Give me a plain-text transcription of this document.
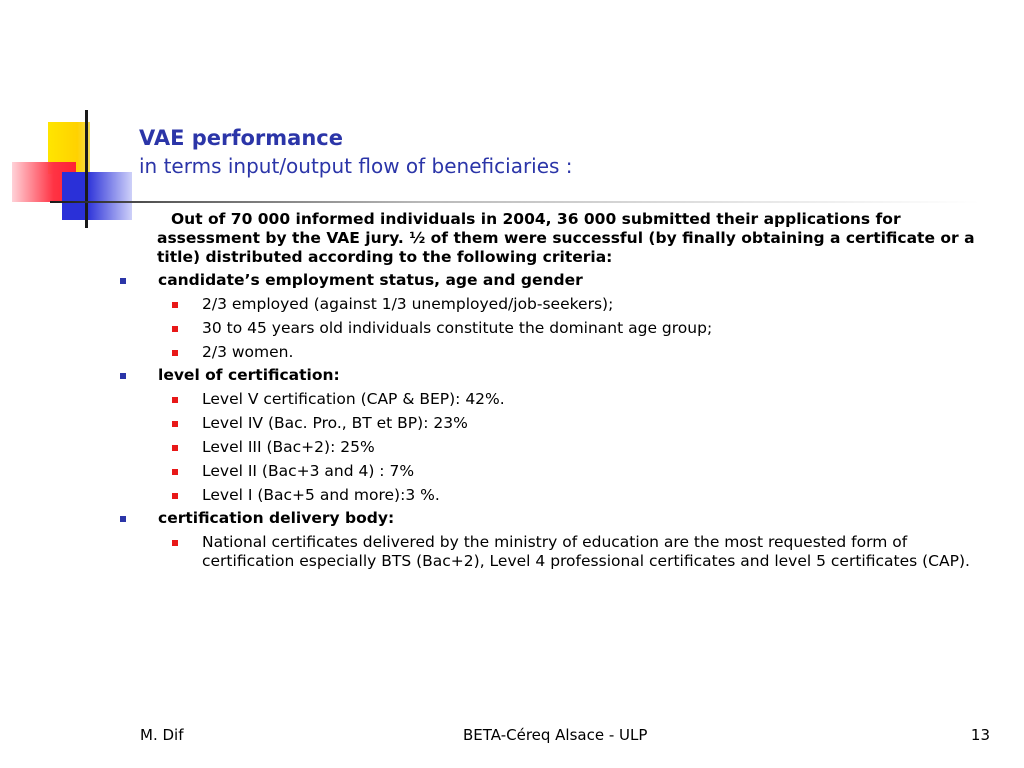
VAE performance
in terms input/output flow of beneficiaries :

Out of 70 000 informed individuals in 2004, 36 000 submitted their applications for assessment by the VAE jury. ½ of them were successful (by finally obtaining a certificate or a title) distributed according to the following criteria:

candidate’s employment status, age and gender
2/3 employed (against 1/3 unemployed/job-seekers);
30 to 45 years old individuals constitute the dominant age group;
2/3 women.
level of certification:
Level V certification (CAP & BEP): 42%.
Level IV (Bac. Pro., BT et BP): 23%
Level III (Bac+2): 25%
Level II (Bac+3 and 4) : 7%
Level I (Bac+5 and more):3 %.
certification delivery body:
National certificates delivered by the ministry of education are the most requested form of certification especially BTS (Bac+2), Level 4 professional certificates and level 5 certificates (CAP).
M. Dif	BETA-Céreq Alsace - ULP	13
